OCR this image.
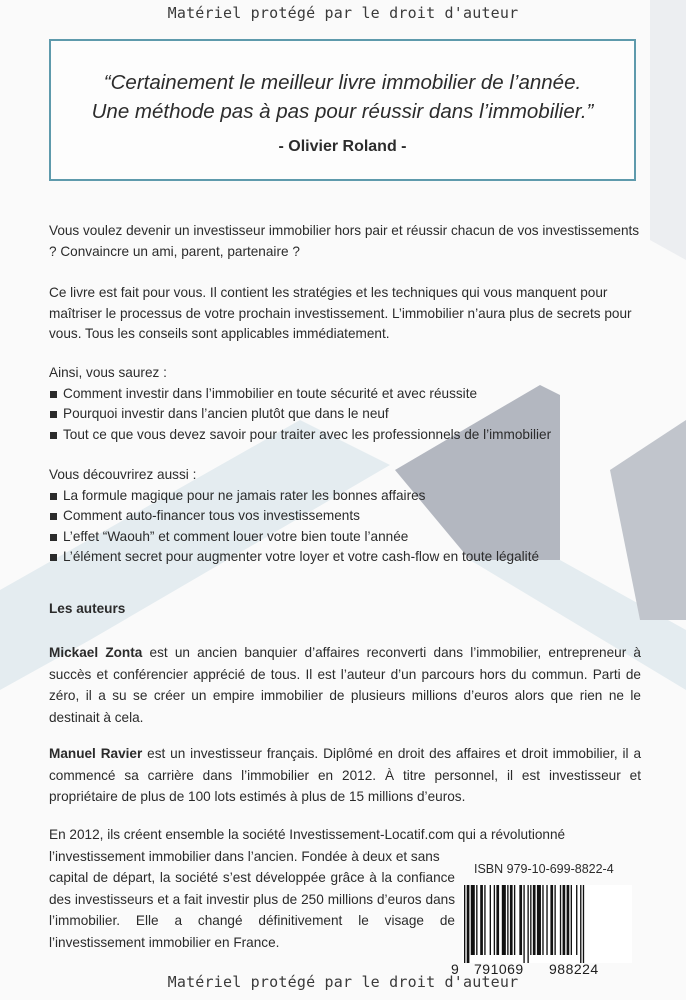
Matériel protégé par le droit d'auteur
“Certainement le meilleur livre immobilier de l’année.
Une méthode pas à pas pour réussir dans l’immobilier.”
- Olivier Roland -

Vous voulez devenir un investisseur immobilier hors pair et réussir chacun de vos investissements ? Convaincre un ami, parent, partenaire ?

Ce livre est fait pour vous. Il contient les stratégies et les techniques qui vous manquent pour maîtriser le processus de votre prochain investissement. L’immobilier n’aura plus de secrets pour vous. Tous les conseils sont applicables immédiatement.

Ainsi, vous saurez :
Comment investir dans l’immobilier en toute sécurité et avec réussite
Pourquoi investir dans l’ancien plutôt que dans le neuf
Tout ce que vous devez savoir pour traiter avec les professionnels de l’immobilier
Vous découvrirez aussi :
La formule magique pour ne jamais rater les bonnes affaires
Comment auto-financer tous vos investissements
L’effet “Waouh” et comment louer votre bien toute l’année
L’élément secret pour augmenter votre loyer et votre cash-flow en toute légalité
Les auteurs

Mickael Zonta est un ancien banquier d’affaires reconverti dans l’immobilier, entrepreneur à succès et conférencier apprécié de tous. Il est l’auteur d’un parcours hors du commun. Parti de zéro, il a su se créer un empire immobilier de plusieurs millions d’euros alors que rien ne le destinait à cela.

Manuel Ravier est un investisseur français. Diplômé en droit des affaires et droit immobilier, il a commencé sa carrière dans l’immobilier en 2012. À titre personnel, il est investisseur et propriétaire de plus de 100 lots estimés à plus de 15 millions d’euros.

En 2012, ils créent ensemble la société Investissement-Locatif.com qui a révolutionné
l’investissement immobilier dans l’ancien. Fondée à deux et sans
capital de départ, la société s’est développée grâce à la confiance des investisseurs et a fait investir plus de 250 millions d’euros dans l’immobilier. Elle a changé définitivement le visage de l’investissement immobilier en France.
ISBN 979-10-699-8822-4
9 791069 988224
Matériel protégé par le droit d'auteur
